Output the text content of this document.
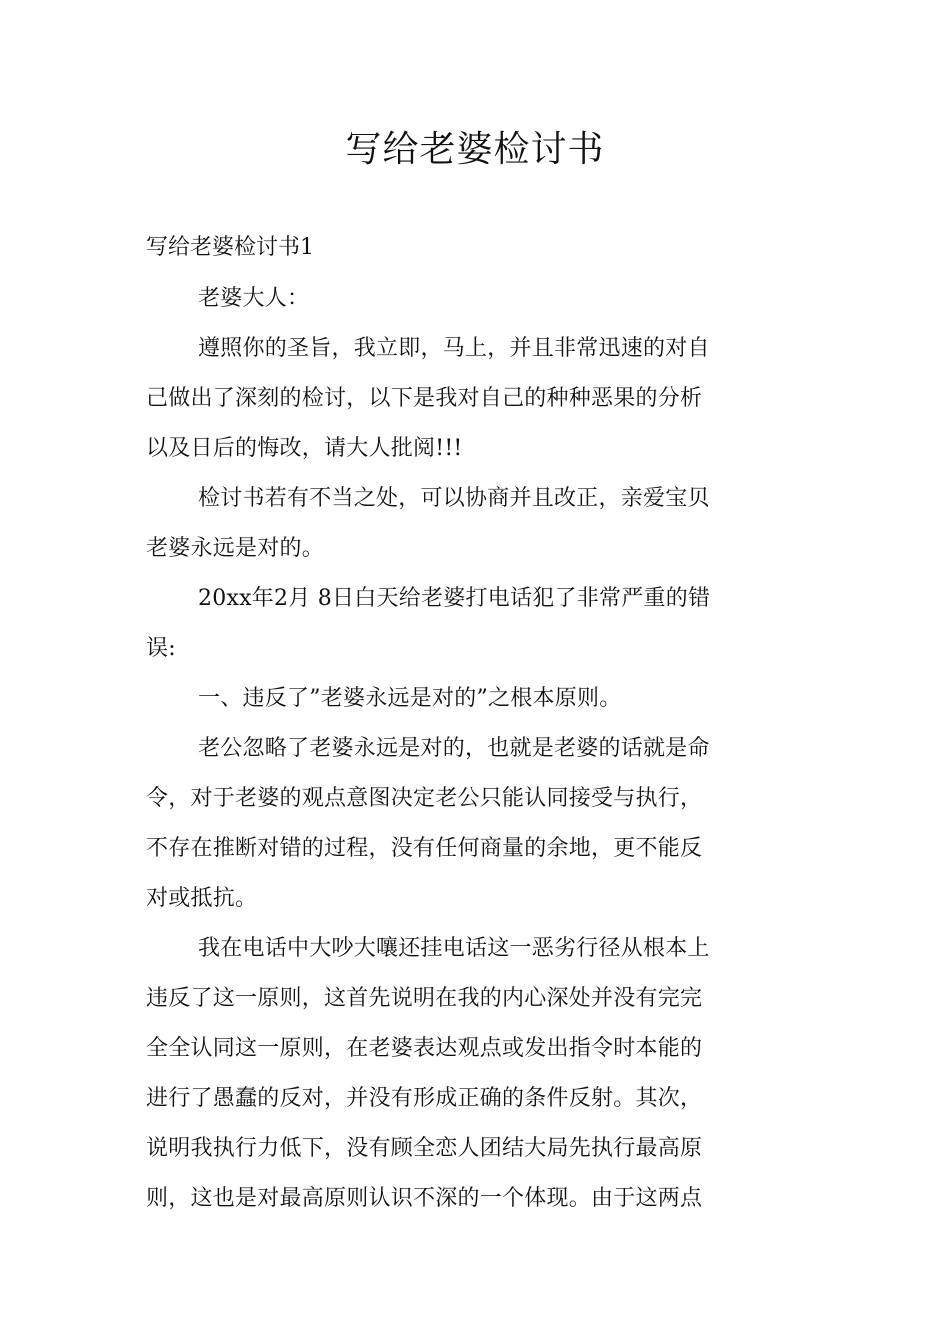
写给老婆检讨书
写给老婆检讨书1
老婆大人：
遵照你的圣旨，我立即，马上，并且非常迅速的对自
己做出了深刻的检讨，以下是我对自己的种种恶果的分析
以及日后的悔改，请大人批阅!!!
检讨书若有不当之处，可以协商并且改正，亲爱宝贝
老婆永远是对的。
20xx年2月 8日白天给老婆打电话犯了非常严重的错
误:
一、违反了”老婆永远是对的”之根本原则。
老公忽略了老婆永远是对的，也就是老婆的话就是命
令，对于老婆的观点意图决定老公只能认同接受与执行，
不存在推断对错的过程，没有任何商量的余地，更不能反
对或抵抗。
我在电话中大吵大嚷还挂电话这一恶劣行径从根本上
违反了这一原则，这首先说明在我的内心深处并没有完完
全全认同这一原则，在老婆表达观点或发出指令时本能的
进行了愚蠢的反对，并没有形成正确的条件反射。其次，
说明我执行力低下，没有顾全恋人团结大局先执行最高原
则，这也是对最高原则认识不深的一个体现。由于这两点
